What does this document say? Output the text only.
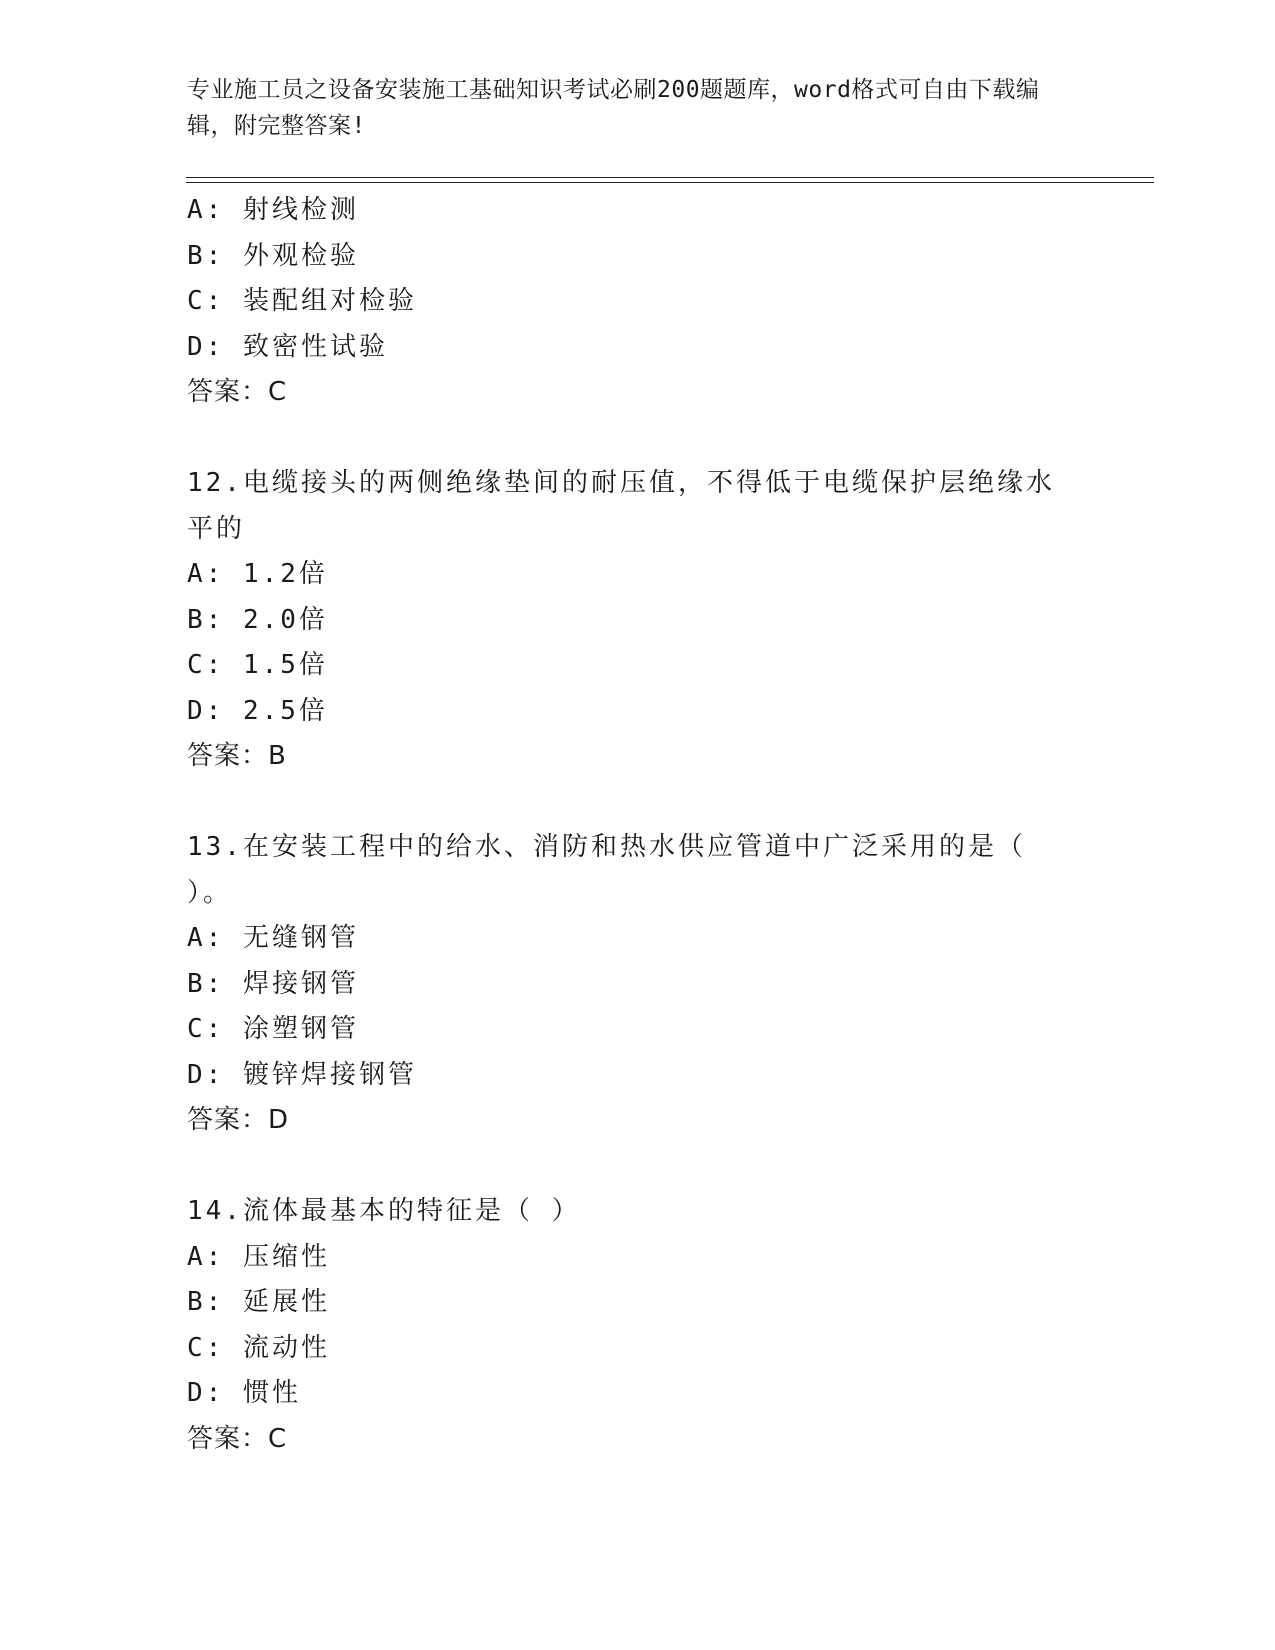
专业施工员之设备安装施工基础知识考试必刷200题题库，word格式可自由下载编辑，附完整答案!
A: 射线检测
B: 外观检验
C: 装配组对检验
D: 致密性试验
答案：C
12.电缆接头的两侧绝缘垫间的耐压值，不得低于电缆保护层绝缘水平的
A: 1.2倍
B: 2.0倍
C: 1.5倍
D: 2.5倍
答案：B
13.在安装工程中的给水、消防和热水供应管道中广泛采用的是（ ）。
A: 无缝钢管
B: 焊接钢管
C: 涂塑钢管
D: 镀锌焊接钢管
答案：D
14.流体最基本的特征是（ ）
A: 压缩性
B: 延展性
C: 流动性
D: 惯性
答案：C
